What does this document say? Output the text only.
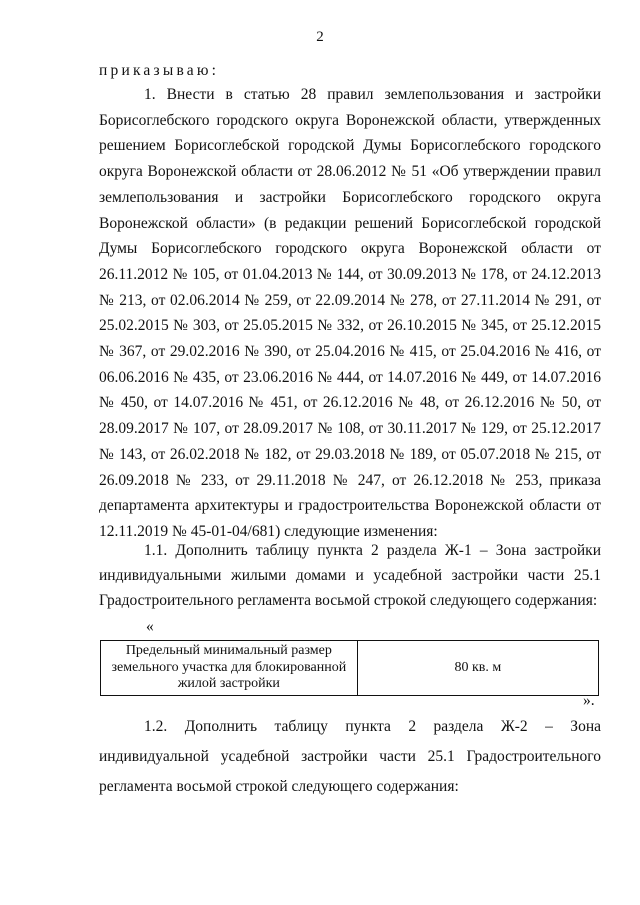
2
приказываю:

1. Внести в статью 28 правил землепользования и застройки Борисоглебского городского округа Воронежской области, утвержденных решением Борисоглебской городской Думы Борисоглебского городского округа Воронежской области от 28.06.2012 № 51 «Об утверждении правил землепользования и застройки Борисоглебского городского округа Воронежской области» (в редакции решений Борисоглебской городской Думы Борисоглебского городского округа Воронежской области от 26.11.2012 № 105, от 01.04.2013 № 144, от 30.09.2013 № 178, от 24.12.2013 № 213, от 02.06.2014 № 259, от 22.09.2014 № 278, от 27.11.2014 № 291, от 25.02.2015 № 303, от 25.05.2015 № 332, от 26.10.2015 № 345, от 25.12.2015 № 367, от 29.02.2016 № 390, от 25.04.2016 № 415, от 25.04.2016 № 416, от 06.06.2016 № 435, от 23.06.2016 № 444, от 14.07.2016 № 449, от 14.07.2016 № 450, от 14.07.2016 № 451, от 26.12.2016 № 48, от 26.12.2016 № 50, от 28.09.2017 № 107, от 28.09.2017 № 108, от 30.11.2017 № 129, от 25.12.2017 № 143, от 26.02.2018 № 182, от 29.03.2018 № 189, от 05.07.2018 № 215, от 26.09.2018 № 233, от 29.11.2018 № 247, от 26.12.2018 № 253, приказа департамента архитектуры и градостроительства Воронежской области от 12.11.2019 № 45-01-04/681) следующие изменения:

1.1. Дополнить таблицу пункта 2 раздела Ж-1 – Зона застройки индивидуальными жилыми домами и усадебной застройки части 25.1 Градостроительного регламента восьмой строкой следующего содержания:

«
Предельный минимальный размер земельного участка для блокированной жилой застройки	80 кв. м
».

1.2. Дополнить таблицу пункта 2 раздела Ж-2 – Зона индивидуальной усадебной застройки части 25.1 Градостроительного регламента восьмой строкой следующего содержания:
